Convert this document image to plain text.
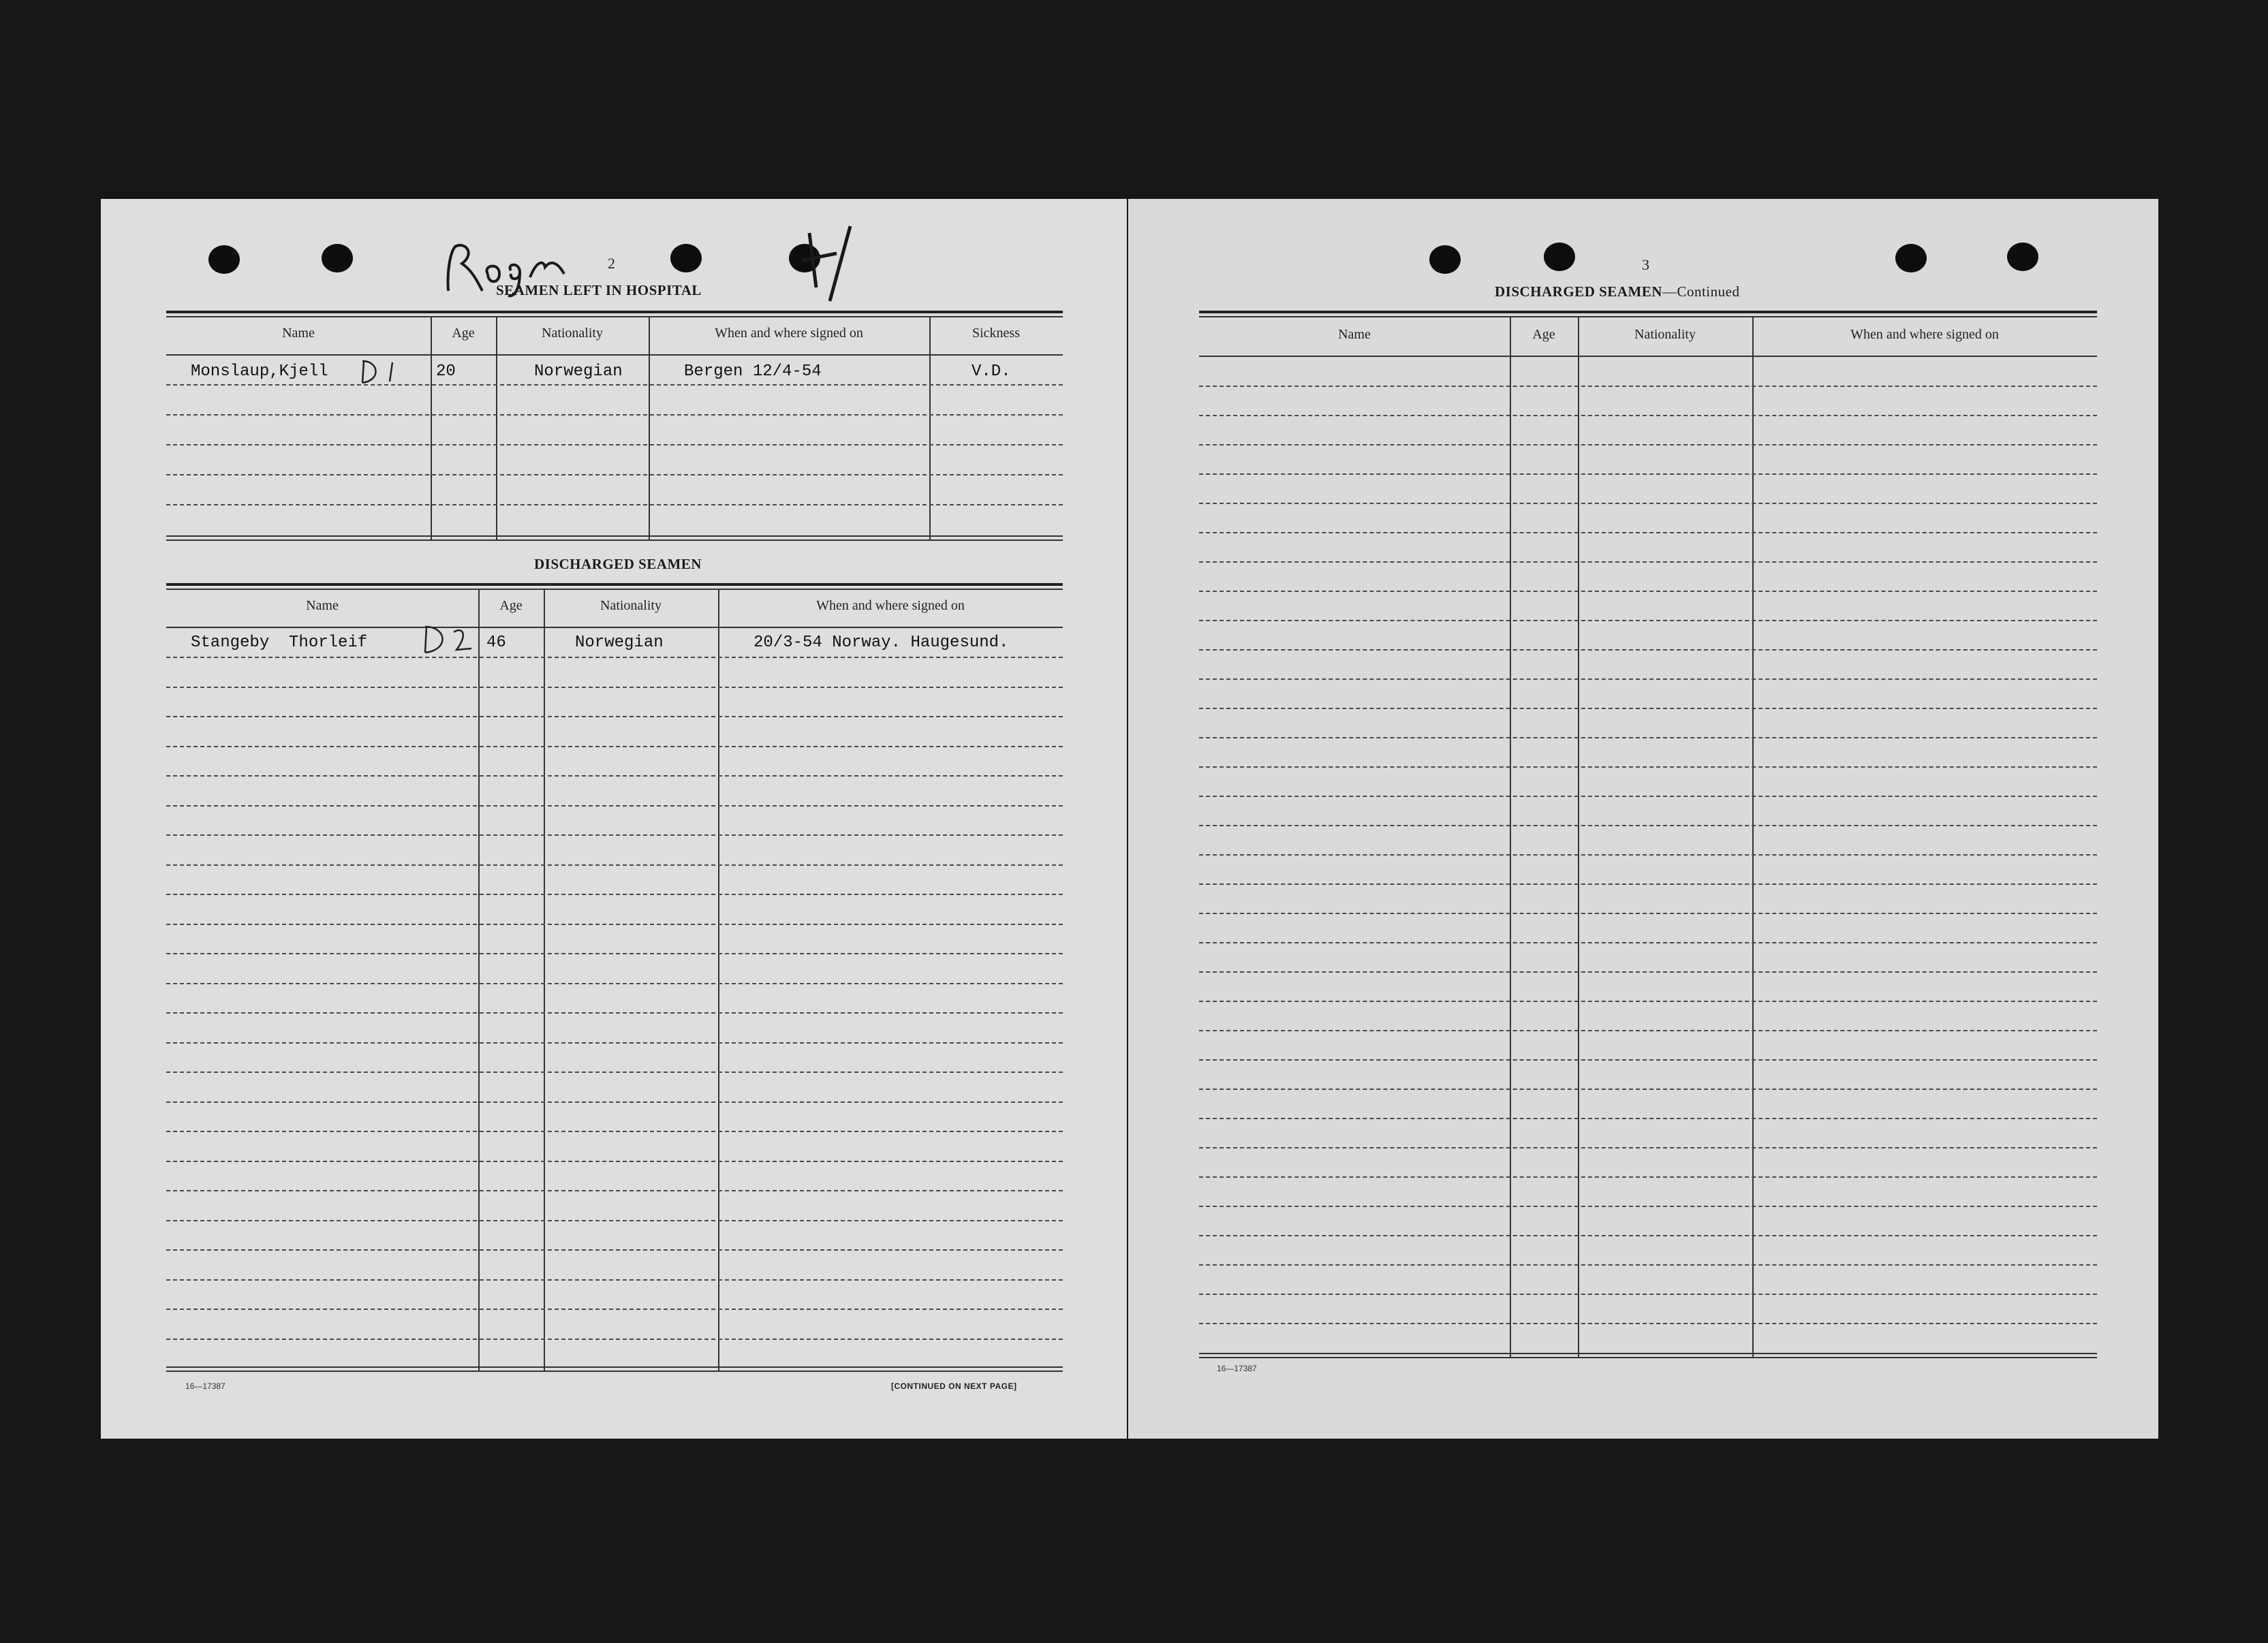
2
SEAMEN LEFT IN HOSPITAL
Name	Age	Nationality	When and where signed on	Sickness
Monslaup,Kjell	20	Norwegian	Bergen 12/4-54	V.D.
DISCHARGED SEAMEN
Name	Age	Nationality	When and where signed on
Stangeby  Thorleif	46	Norwegian	20/3-54 Norway. Haugesund.
16—17387	[CONTINUED ON NEXT PAGE]
3
DISCHARGED SEAMEN—Continued
Name	Age	Nationality	When and where signed on
16—17387
